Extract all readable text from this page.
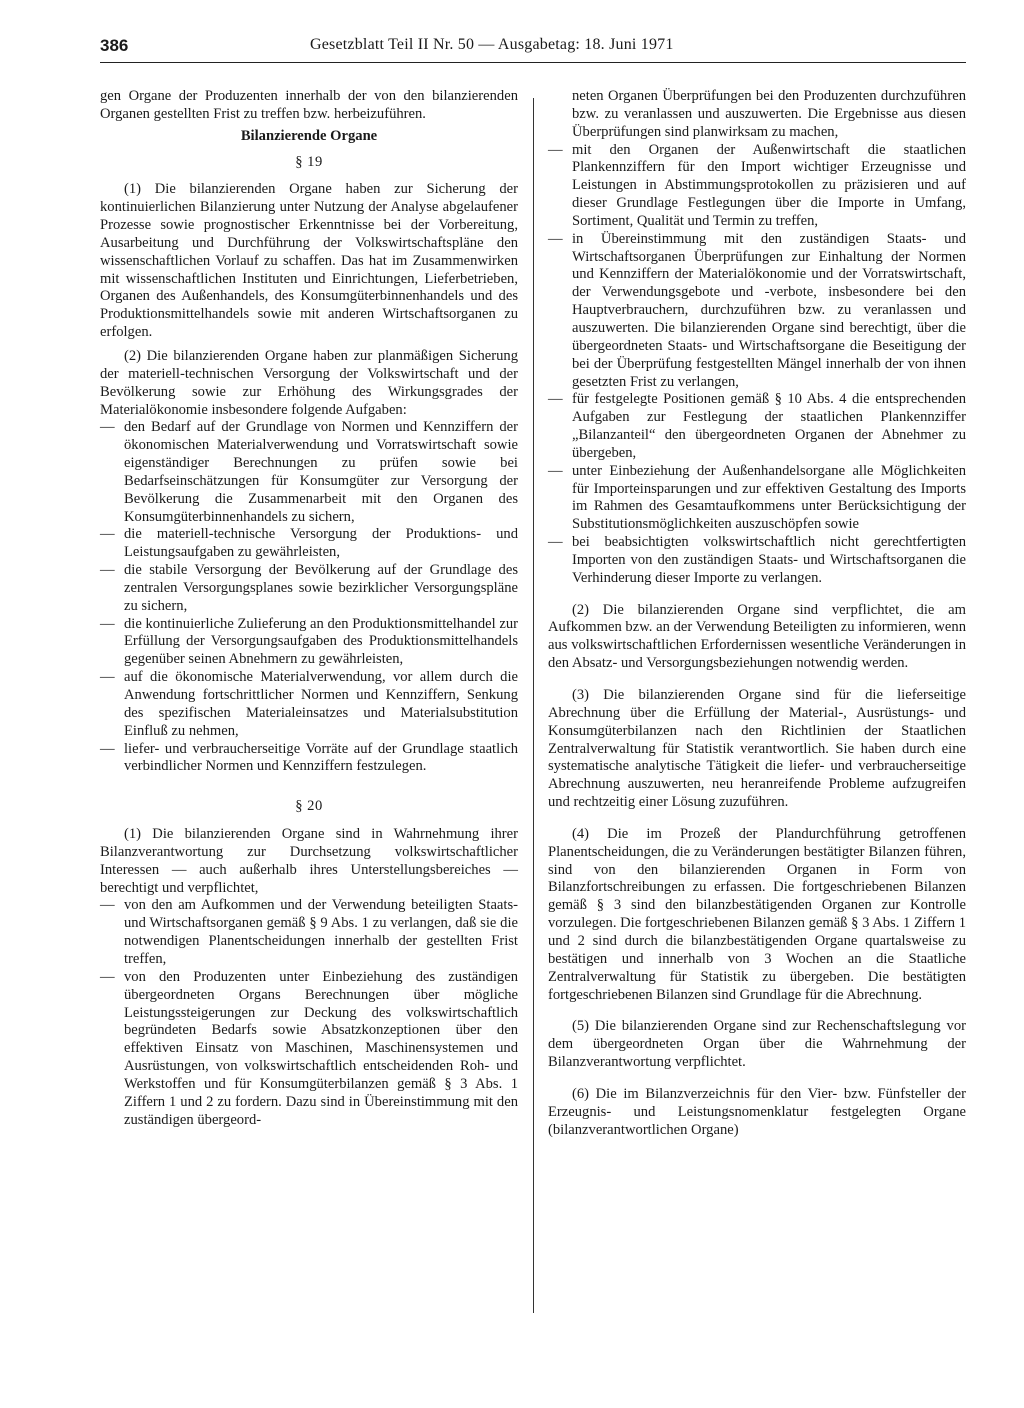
386	Gesetzblatt Teil II Nr. 50 — Ausgabetag: 18. Juni 1971

gen Organe der Produzenten innerhalb der von den bilanzierenden Organen gestellten Frist zu treffen bzw. herbeizuführen.

Bilanzierende Organe

§ 19

(1) Die bilanzierenden Organe haben zur Sicherung der kontinuierlichen Bilanzierung unter Nutzung der Analyse abgelaufener Prozesse sowie prognostischer Erkenntnisse bei der Vorbereitung, Ausarbeitung und Durchführung der Volkswirtschaftspläne den wissenschaftlichen Vorlauf zu schaffen. Das hat im Zusammenwirken mit wissenschaftlichen Instituten und Einrichtungen, Lieferbetrieben, Organen des Außenhandels, des Konsumgüterbinnenhandels und des Produktionsmittelhandels sowie mit anderen Wirtschaftsorganen zu erfolgen.

(2) Die bilanzierenden Organe haben zur planmäßigen Sicherung der materiell-technischen Versorgung der Volkswirtschaft und der Bevölkerung sowie zur Erhöhung des Wirkungsgrades der Materialökonomie insbesondere folgende Aufgaben:

— den Bedarf auf der Grundlage von Normen und Kennziffern der ökonomischen Materialverwendung und Vorratswirtschaft sowie eigenständiger Berechnungen zu prüfen sowie bei Bedarfseinschätzungen für Konsumgüter zur Versorgung der Bevölkerung die Zusammenarbeit mit den Organen des Konsumgüterbinnenhandels zu sichern,
— die materiell-technische Versorgung der Produktions- und Leistungsaufgaben zu gewährleisten,
— die stabile Versorgung der Bevölkerung auf der Grundlage des zentralen Versorgungsplanes sowie bezirklicher Versorgungspläne zu sichern,
— die kontinuierliche Zulieferung an den Produktionsmittelhandel zur Erfüllung der Versorgungsaufgaben des Produktionsmittelhandels gegenüber seinen Abnehmern zu gewährleisten,
— auf die ökonomische Materialverwendung, vor allem durch die Anwendung fortschrittlicher Normen und Kennziffern, Senkung des spezifischen Materialeinsatzes und Materialsubstitution Einfluß zu nehmen,
— liefer- und verbraucherseitige Vorräte auf der Grundlage staatlich verbindlicher Normen und Kennziffern festzulegen.

§ 20

(1) Die bilanzierenden Organe sind in Wahrnehmung ihrer Bilanzverantwortung zur Durchsetzung volkswirtschaftlicher Interessen — auch außerhalb ihres Unterstellungsbereiches — berechtigt und verpflichtet,

— von den am Aufkommen und der Verwendung beteiligten Staats- und Wirtschaftsorganen gemäß § 9 Abs. 1 zu verlangen, daß sie die notwendigen Planentscheidungen innerhalb der gestellten Frist treffen,
— von den Produzenten unter Einbeziehung des zuständigen übergeordneten Organs Berechnungen über mögliche Leistungssteigerungen zur Deckung des volkswirtschaftlich begründeten Bedarfs sowie Absatzkonzeptionen über den effektiven Einsatz von Maschinen, Maschinensystemen und Ausrüstungen, von volkswirtschaftlich entscheidenden Roh- und Werkstoffen und für Konsumgüterbilanzen gemäß § 3 Abs. 1 Ziffern 1 und 2 zu fordern. Dazu sind in Übereinstimmung mit den zuständigen übergeord-

neten Organen Überprüfungen bei den Produzenten durchzuführen bzw. zu veranlassen und auszuwerten. Die Ergebnisse aus diesen Überprüfungen sind planwirksam zu machen,

— mit den Organen der Außenwirtschaft die staatlichen Plankennziffern für den Import wichtiger Erzeugnisse und Leistungen in Abstimmungsprotokollen zu präzisieren und auf dieser Grundlage Festlegungen über die Importe in Umfang, Sortiment, Qualität und Termin zu treffen,
— in Übereinstimmung mit den zuständigen Staats- und Wirtschaftsorganen Überprüfungen zur Einhaltung der Normen und Kennziffern der Materialökonomie und der Vorratswirtschaft, der Verwendungsgebote und -verbote, insbesondere bei den Hauptverbrauchern, durchzuführen bzw. zu veranlassen und auszuwerten. Die bilanzierenden Organe sind berechtigt, über die übergeordneten Staats- und Wirtschaftsorgane die Beseitigung der bei der Überprüfung festgestellten Mängel innerhalb der von ihnen gesetzten Frist zu verlangen,
— für festgelegte Positionen gemäß § 10 Abs. 4 die entsprechenden Aufgaben zur Festlegung der staatlichen Plankennziffer „Bilanzanteil“ den übergeordneten Organen der Abnehmer zu übergeben,
— unter Einbeziehung der Außenhandelsorgane alle Möglichkeiten für Importeinsparungen und zur effektiven Gestaltung des Imports im Rahmen des Gesamtaufkommens unter Berücksichtigung der Substitutionsmöglichkeiten auszuschöpfen sowie
— bei beabsichtigten volkswirtschaftlich nicht gerechtfertigten Importen von den zuständigen Staats- und Wirtschaftsorganen die Verhinderung dieser Importe zu verlangen.

(2) Die bilanzierenden Organe sind verpflichtet, die am Aufkommen bzw. an der Verwendung Beteiligten zu informieren, wenn aus volkswirtschaftlichen Erfordernissen wesentliche Veränderungen in den Absatz- und Versorgungsbeziehungen notwendig werden.

(3) Die bilanzierenden Organe sind für die lieferseitige Abrechnung über die Erfüllung der Material-, Ausrüstungs- und Konsumgüterbilanzen nach den Richtlinien der Staatlichen Zentralverwaltung für Statistik verantwortlich. Sie haben durch eine systematische analytische Tätigkeit die liefer- und verbraucherseitige Abrechnung auszuwerten, neu heranreifende Probleme aufzugreifen und rechtzeitig einer Lösung zuzuführen.

(4) Die im Prozeß der Plandurchführung getroffenen Planentscheidungen, die zu Veränderungen bestätigter Bilanzen führen, sind von den bilanzierenden Organen in Form von Bilanzfortschreibungen zu erfassen. Die fortgeschriebenen Bilanzen gemäß § 3 sind den bilanzbestätigenden Organen zur Kontrolle vorzulegen. Die fortgeschriebenen Bilanzen gemäß § 3 Abs. 1 Ziffern 1 und 2 sind durch die bilanzbestätigenden Organe quartalsweise zu bestätigen und innerhalb von 3 Wochen an die Staatliche Zentralverwaltung für Statistik zu übergeben. Die bestätigten fortgeschriebenen Bilanzen sind Grundlage für die Abrechnung.

(5) Die bilanzierenden Organe sind zur Rechenschaftslegung vor dem übergeordneten Organ über die Wahrnehmung der Bilanzverantwortung verpflichtet.

(6) Die im Bilanzverzeichnis für den Vier- bzw. Fünfsteller der Erzeugnis- und Leistungsnomenklatur festgelegten Organe (bilanzverantwortlichen Organe)
